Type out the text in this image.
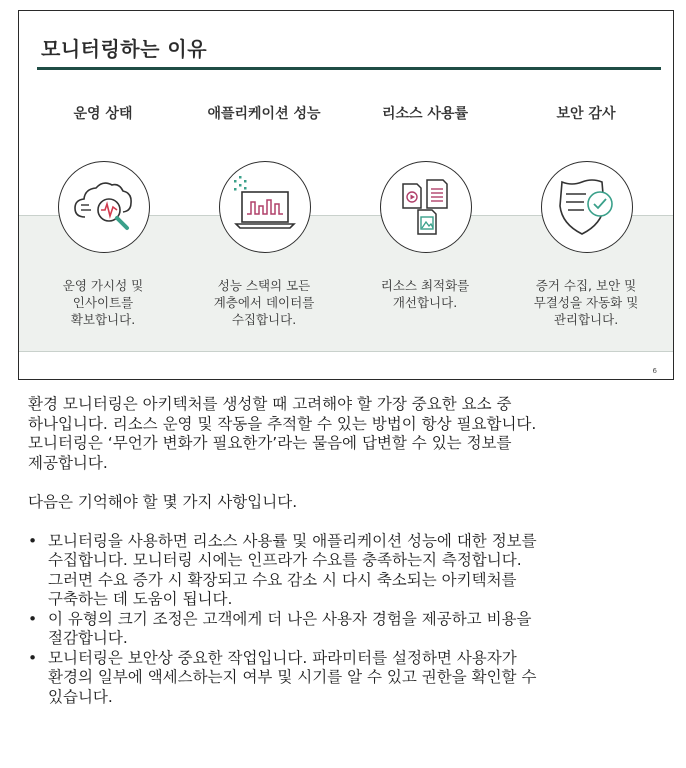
모니터링하는 이유
운영 상태
운영 가시성 및
인사이트를
확보합니다.
애플리케이션 성능
성능 스택의 모든
계층에서 데이터를
수집합니다.
리소스 사용률
리소스 최적화를
개선합니다.
보안 감사
증거 수집, 보안 및
무결성을 자동화 및
관리합니다.
6

환경 모니터링은 아키텍처를 생성할 때 고려해야 할 가장 중요한 요소 중
하나입니다. 리소스 운영 및 작동을 추적할 수 있는 방법이 항상 필요합니다.
모니터링은 ‘무언가 변화가 필요한가’라는 물음에 답변할 수 있는 정보를
제공합니다.

다음은 기억해야 할 몇 가지 사항입니다.

• 모니터링을 사용하면 리소스 사용률 및 애플리케이션 성능에 대한 정보를
수집합니다. 모니터링 시에는 인프라가 수요를 충족하는지 측정합니다.
그러면 수요 증가 시 확장되고 수요 감소 시 다시 축소되는 아키텍처를
구축하는 데 도움이 됩니다.
• 이 유형의 크기 조정은 고객에게 더 나은 사용자 경험을 제공하고 비용을
절감합니다.
• 모니터링은 보안상 중요한 작업입니다. 파라미터를 설정하면 사용자가
환경의 일부에 액세스하는지 여부 및 시기를 알 수 있고 권한을 확인할 수
있습니다.
